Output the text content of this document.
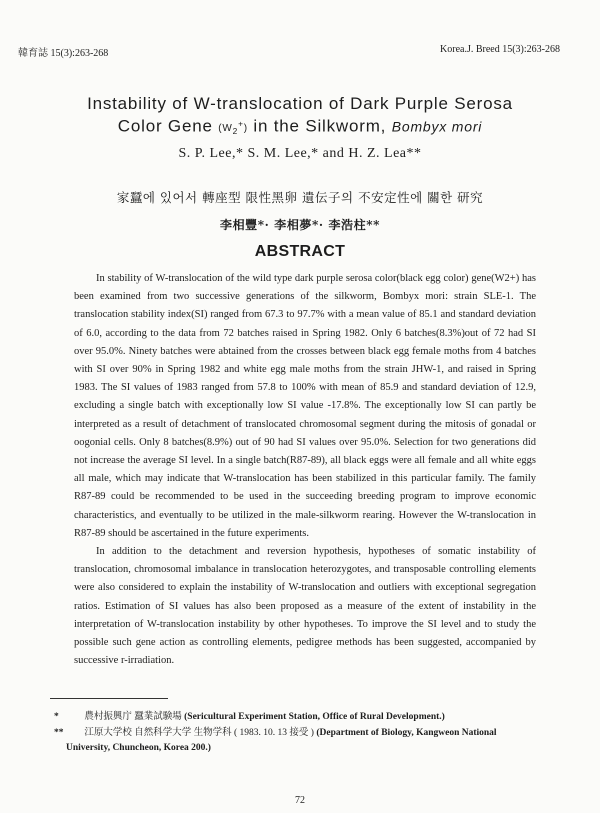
韓育誌 15(3):263-268	Korea.J. Breed 15(3):263-268
Instability of W-translocation of Dark Purple Serosa
Color Gene $(W_2^+)$ in the Silkworm, Bombyx mori
S. P. Lee,* S. M. Lee,* and H. Z. Lea**
家蠶에 있어서 轉座型 限性黑卵 遺伝子의 不安定性에 關한 研究
李相豐*· 李相夢*· 李浩柱**
ABSTRACT

In stability of W-translocation of the wild type dark purple serosa color(black egg color) gene(W2+) has been examined from two successive generations of the silkworm, Bombyx mori: strain SLE-1. The translocation stability index(SI) ranged from 67.3 to 97.7% with a mean value of 85.1 and standard deviation of 6.0, according to the data from 72 batches raised in Spring 1982. Only 6 batches(8.3%)out of 72 had SI over 95.0%. Ninety batches were abtained from the crosses between black egg female moths from 4 batches with SI over 90% in Spring 1982 and white egg male moths from the strain JHW-1, and raised in Spring 1983. The SI values of 1983 ranged from 57.8 to 100% with mean of 85.9 and standard deviation of 12.9, excluding a single batch with exceptionally low SI value -17.8%. The exceptionally low SI can partly be interpreted as a result of detachment of translocated chromosomal segment during the mitosis of gonadal or oogonial cells. Only 8 batches(8.9%) out of 90 had SI values over 95.0%. Selection for two generations did not increase the average SI level. In a single batch(R87-89), all black eggs were all female and all white eggs all male, which may indicate that W-translocation has been stabilized in this particular family. The family R87-89 could be recommended to be used in the succeeding breeding program to improve economic characteristics, and eventually to be utilized in the male-silkworm rearing. However the W-translocation in R87-89 should be ascertained in the future experiments.

In addition to the detachment and reversion hypothesis, hypotheses of somatic instability of translocation, chromosomal imbalance in translocation heterozygotes, and transposable controlling elements were also considered to explain the instability of W-translocation and outliers with exceptional segregation ratios. Estimation of SI values has also been proposed as a measure of the extent of instability in the interpretation of W-translocation instability by other hypotheses. To improve the SI level and to study the possible such gene action as controlling elements, pedigree methods has been suggested, accompanied by successive r-irradiation.

*	農村振興庁 蠶業試験場 (Sericultural Experiment Station, Office of Rural Development.)
** 江原大学校 自然科学大学 生物学科 ( 1983. 10. 13 接受 ) (Department of Biology, Kangweon National
University, Chuncheon, Korea 200.)
72
